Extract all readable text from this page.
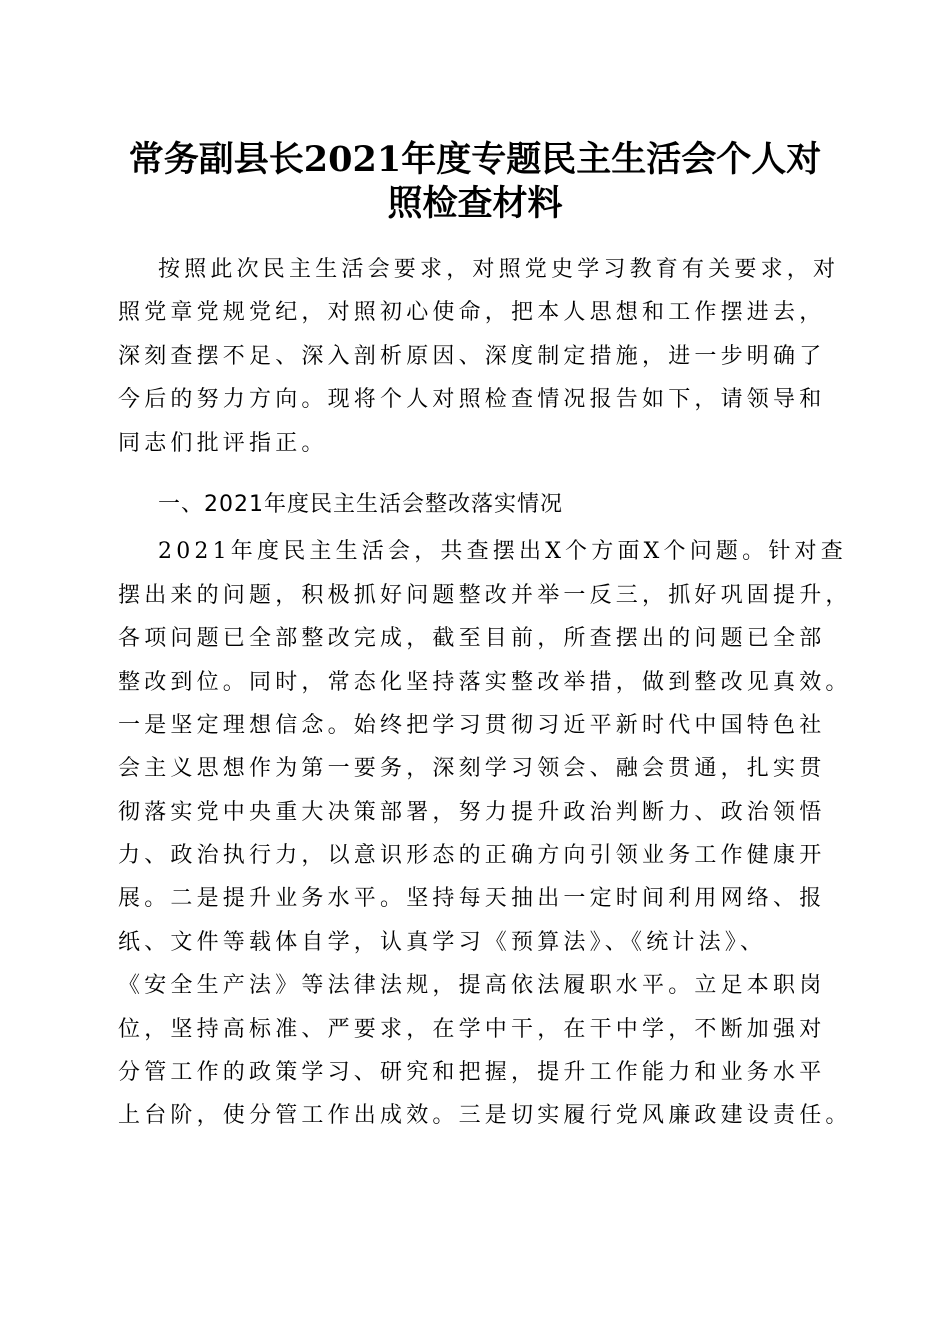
常务副县长2021年度专题民主生活会个人对
照检查材料
按照此次民主生活会要求，对照党史学习教育有关要求，对
照党章党规党纪，对照初心使命，把本人思想和工作摆进去，
深刻查摆不足、深入剖析原因、深度制定措施，进一步明确了
今后的努力方向。现将个人对照检查情况报告如下，请领导和
同志们批评指正。
一、2021年度民主生活会整改落实情况
2021年度民主生活会，共查摆出X个方面X个问题。针对查
摆出来的问题，积极抓好问题整改并举一反三，抓好巩固提升，
各项问题已全部整改完成，截至目前，所查摆出的问题已全部
整改到位。同时，常态化坚持落实整改举措，做到整改见真效。
一是坚定理想信念。始终把学习贯彻习近平新时代中国特色社
会主义思想作为第一要务，深刻学习领会、融会贯通，扎实贯
彻落实党中央重大决策部署，努力提升政治判断力、政治领悟
力、政治执行力，以意识形态的正确方向引领业务工作健康开
展。二是提升业务水平。坚持每天抽出一定时间利用网络、报
纸、文件等载体自学，认真学习《预算法》、《统计法》、
《安全生产法》等法律法规，提高依法履职水平。立足本职岗
位，坚持高标准、严要求，在学中干，在干中学，不断加强对
分管工作的政策学习、研究和把握，提升工作能力和业务水平
上台阶，使分管工作出成效。三是切实履行党风廉政建设责任。
